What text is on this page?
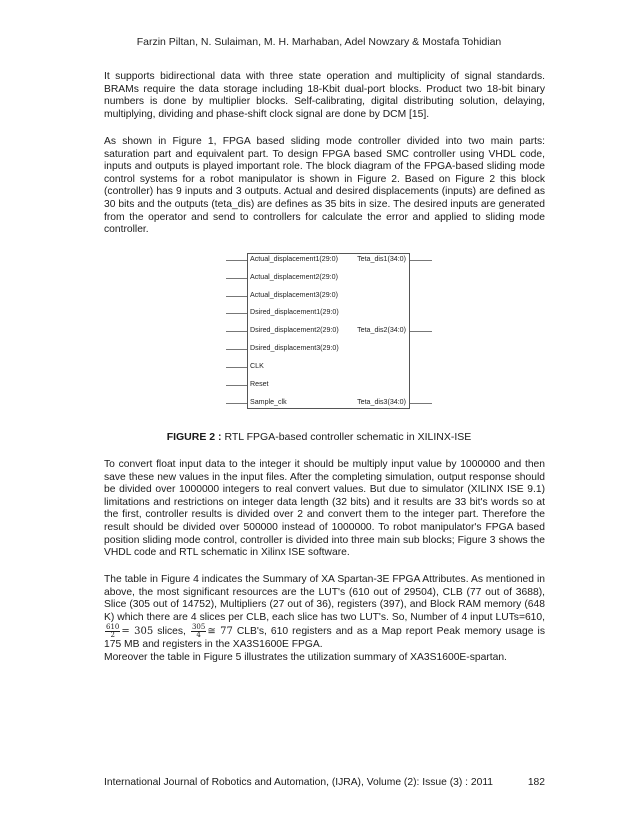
Farzin Piltan, N. Sulaiman, M. H. Marhaban, Adel Nowzary & Mostafa Tohidian

It supports bidirectional data with three state operation and multiplicity of signal standards. BRAMs require the data storage including 18-Kbit dual-port blocks. Product two 18-bit binary numbers is done by multiplier blocks. Self-calibrating, digital distributing solution, delaying, multiplying, dividing and phase-shift clock signal are done by DCM [15].

As shown in Figure 1, FPGA based sliding mode controller divided into two main parts: saturation part and equivalent part. To design FPGA based SMC controller using VHDL code, inputs and outputs is played important role. The block diagram of the FPGA-based sliding mode control systems for a robot manipulator is shown in Figure 2. Based on Figure 2 this block (controller) has 9 inputs and 3 outputs. Actual and desired displacements (inputs) are defined as 30 bits and the outputs (teta_dis) are defines as 35 bits in size. The desired inputs are generated from the operator and send to controllers for calculate the error and applied to sliding mode controller.

Actual_displacement1(29:0)
Actual_displacement2(29:0)
Actual_displacement3(29:0)
Dsired_displacement1(29:0)
Dsired_displacement2(29:0)
Dsired_displacement3(29:0)
CLK
Reset
Sample_clk
Teta_dis1(34:0)
Teta_dis2(34:0)
Teta_dis3(34:0)
FIGURE 2 : RTL FPGA-based controller schematic in XILINX-ISE

To convert float input data to the integer it should be multiply input value by 1000000 and then save these new values in the input files. After the completing simulation, output response should be divided over 1000000 integers to real convert values. But due to simulator (XILINX ISE 9.1) limitations and restrictions on integer data length (32 bits) and it results are 33 bit's words so at the first, controller results is divided over 2 and convert them to the integer part. Therefore the result should be divided over 500000 instead of 1000000. To robot manipulator's FPGA based position sliding mode control, controller is divided into three main sub blocks; Figure 3 shows the VHDL code and RTL schematic in Xilinx ISE software.

The table in Figure 4 indicates the Summary of XA Spartan-3E FPGA Attributes. As mentioned in above, the most significant resources are the LUT's (610 out of 29504), CLB (77 out of 3688), Slice (305 out of 14752), Multipliers (27 out of 36), registers (397), and Block RAM memory (648 K) which there are 4 slices per CLB, each slice has two LUT's. So, Number of 4 input LUTs=610,
$\frac{610}{2} = 305$ slices, $\frac{305}{4}$ ≅ 77 CLB's, 610 registers and as a Map report Peak memory usage is 175 MB and registers in the XA3S1600E FPGA.
Moreover the table in Figure 5 illustrates the utilization summary of XA3S1600E-spartan.

International Journal of Robotics and Automation, (IJRA), Volume (2): Issue (3) : 2011	182
